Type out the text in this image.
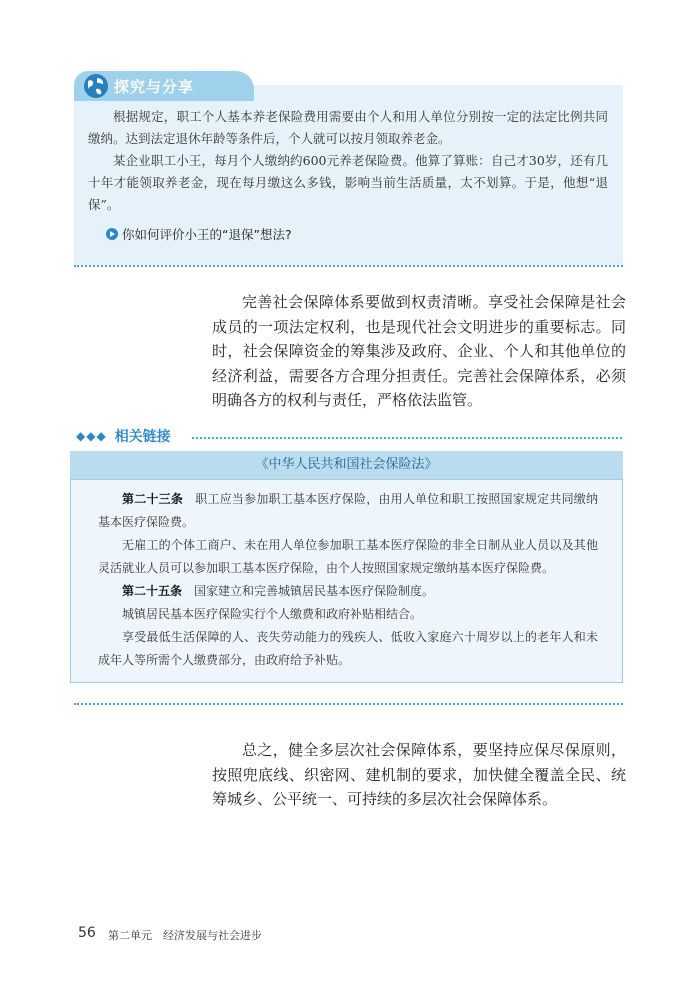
探究与分享

根据规定，职工个人基本养老保险费用需要由个人和用人单位分别按一定的法定比例共同缴纳。达到法定退休年龄等条件后，个人就可以按月领取养老金。

某企业职工小王，每月个人缴纳约600元养老保险费。他算了算账：自己才30岁，还有几十年才能领取养老金，现在每月缴这么多钱，影响当前生活质量，太不划算。于是，他想“退保”。

你如何评价小王的“退保”想法?

完善社会保障体系要做到权责清晰。享受社会保障是社会成员的一项法定权利，也是现代社会文明进步的重要标志。同时，社会保障资金的筹集涉及政府、企业、个人和其他单位的经济利益，需要各方合理分担责任。完善社会保障体系，必须明确各方的权利与责任，严格依法监管。

◆◆◆ 相关链接
《中华人民共和国社会保险法》

第二十三条　 职工应当参加职工基本医疗保险，由用人单位和职工按照国家规定共同缴纳基本医疗保险费。

无雇工的个体工商户、未在用人单位参加职工基本医疗保险的非全日制从业人员以及其他灵活就业人员可以参加职工基本医疗保险，由个人按照国家规定缴纳基本医疗保险费。

第二十五条　 国家建立和完善城镇居民基本医疗保险制度。

城镇居民基本医疗保险实行个人缴费和政府补贴相结合。

享受最低生活保障的人、丧失劳动能力的残疾人、低收入家庭六十周岁以上的老年人和未成年人等所需个人缴费部分，由政府给予补贴。

总之，健全多层次社会保障体系，要坚持应保尽保原则，按照兜底线、织密网、建机制的要求，加快健全覆盖全民、统筹城乡、公平统一、可持续的多层次社会保障体系。

56 第二单元　经济发展与社会进步
